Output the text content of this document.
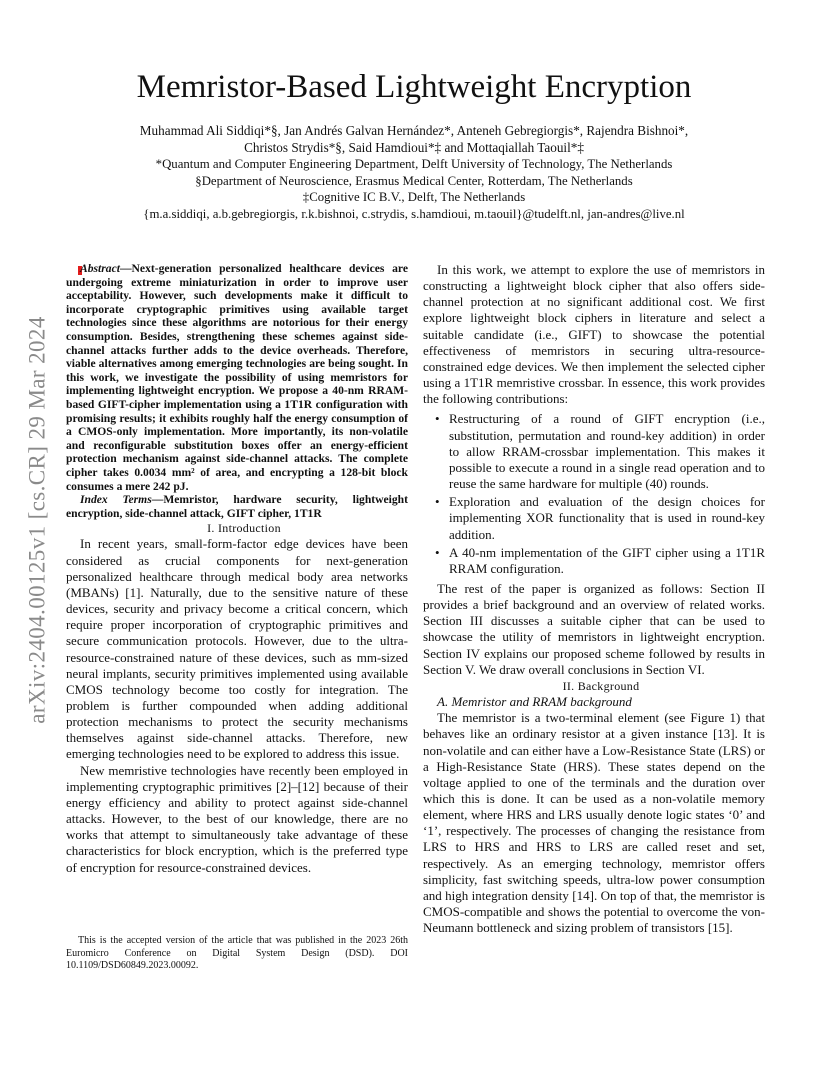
arXiv:2404.00125v1 [cs.CR] 29 Mar 2024
Memristor-Based Lightweight Encryption

Muhammad Ali Siddiqi*§, Jan Andrés Galvan Hernández*, Anteneh Gebregiorgis*, Rajendra Bishnoi*,

Christos Strydis*§, Said Hamdioui*‡ and Mottaqiallah Taouil*‡

*Quantum and Computer Engineering Department, Delft University of Technology, The Netherlands

§Department of Neuroscience, Erasmus Medical Center, Rotterdam, The Netherlands

‡Cognitive IC B.V., Delft, The Netherlands

{m.a.siddiqi, a.b.gebregiorgis, r.k.bishnoi, c.strydis, s.hamdioui, m.taouil}@tudelft.nl, jan-andres@live.nl

Abstract—Next-generation personalized healthcare devices are undergoing extreme miniaturization in order to improve user acceptability. However, such developments make it difficult to incorporate cryptographic primitives using available target technologies since these algorithms are notorious for their energy consumption. Besides, strengthening these schemes against side-channel attacks further adds to the device overheads. Therefore, viable alternatives among emerging technologies are being sought. In this work, we investigate the possibility of using memristors for implementing lightweight encryption. We propose a 40-nm RRAM-based GIFT-cipher implementation using a 1T1R configuration with promising results; it exhibits roughly half the energy consumption of a CMOS-only implementation. More importantly, its non-volatile and reconfigurable substitution boxes offer an energy-efficient protection mechanism against side-channel attacks. The complete cipher takes 0.0034 mm² of area, and encrypting a 128-bit block consumes a mere 242 pJ.

Index Terms—Memristor, hardware security, lightweight encryption, side-channel attack, GIFT cipher, 1T1R

I. Introduction

In recent years, small-form-factor edge devices have been considered as crucial components for next-generation personalized healthcare through medical body area networks (MBANs) [1]. Naturally, due to the sensitive nature of these devices, security and privacy become a critical concern, which require proper incorporation of cryptographic primitives and secure communication protocols. However, due to the ultra-resource-constrained nature of these devices, such as mm-sized neural implants, security primitives implemented using available CMOS technology become too costly for integration. The problem is further compounded when adding additional protection mechanisms to protect the security mechanisms themselves against side-channel attacks. Therefore, new emerging technologies need to be explored to address this issue.

New memristive technologies have recently been employed in implementing cryptographic primitives [2]–[12] because of their energy efficiency and ability to protect against side-channel attacks. However, to the best of our knowledge, there are no works that attempt to simultaneously take advantage of these characteristics for block encryption, which is the preferred type of encryption for resource-constrained devices.

This is the accepted version of the article that was published in the 2023 26th Euromicro Conference on Digital System Design (DSD). DOI 10.1109/DSD60849.2023.00092.

In this work, we attempt to explore the use of memristors in constructing a lightweight block cipher that also offers side-channel protection at no significant additional cost. We first explore lightweight block ciphers in literature and select a suitable candidate (i.e., GIFT) to showcase the potential effectiveness of memristors in securing ultra-resource-constrained edge devices. We then implement the selected cipher using a 1T1R memristive crossbar. In essence, this work provides the following contributions:

• Restructuring of a round of GIFT encryption (i.e., substitution, permutation and round-key addition) in order to allow RRAM-crossbar implementation. This makes it possible to execute a round in a single read operation and to reuse the same hardware for multiple (40) rounds.
• Exploration and evaluation of the design choices for implementing XOR functionality that is used in round-key addition.
• A 40-nm implementation of the GIFT cipher using a 1T1R RRAM configuration.

The rest of the paper is organized as follows: Section II provides a brief background and an overview of related works. Section III discusses a suitable cipher that can be used to showcase the utility of memristors in lightweight encryption. Section IV explains our proposed scheme followed by results in Section V. We draw overall conclusions in Section VI.

II. Background

A. Memristor and RRAM background

The memristor is a two-terminal element (see Figure 1) that behaves like an ordinary resistor at a given instance [13]. It is non-volatile and can either have a Low-Resistance State (LRS) or a High-Resistance State (HRS). These states depend on the voltage applied to one of the terminals and the duration over which this is done. It can be used as a non-volatile memory element, where HRS and LRS usually denote logic states ‘0’ and ‘1’, respectively. The processes of changing the resistance from LRS to HRS and HRS to LRS are called reset and set, respectively. As an emerging technology, memristor offers simplicity, fast switching speeds, ultra-low power consumption and high integration density [14]. On top of that, the memristor is CMOS-compatible and shows the potential to overcome the von-Neumann bottleneck and sizing problem of transistors [15].
